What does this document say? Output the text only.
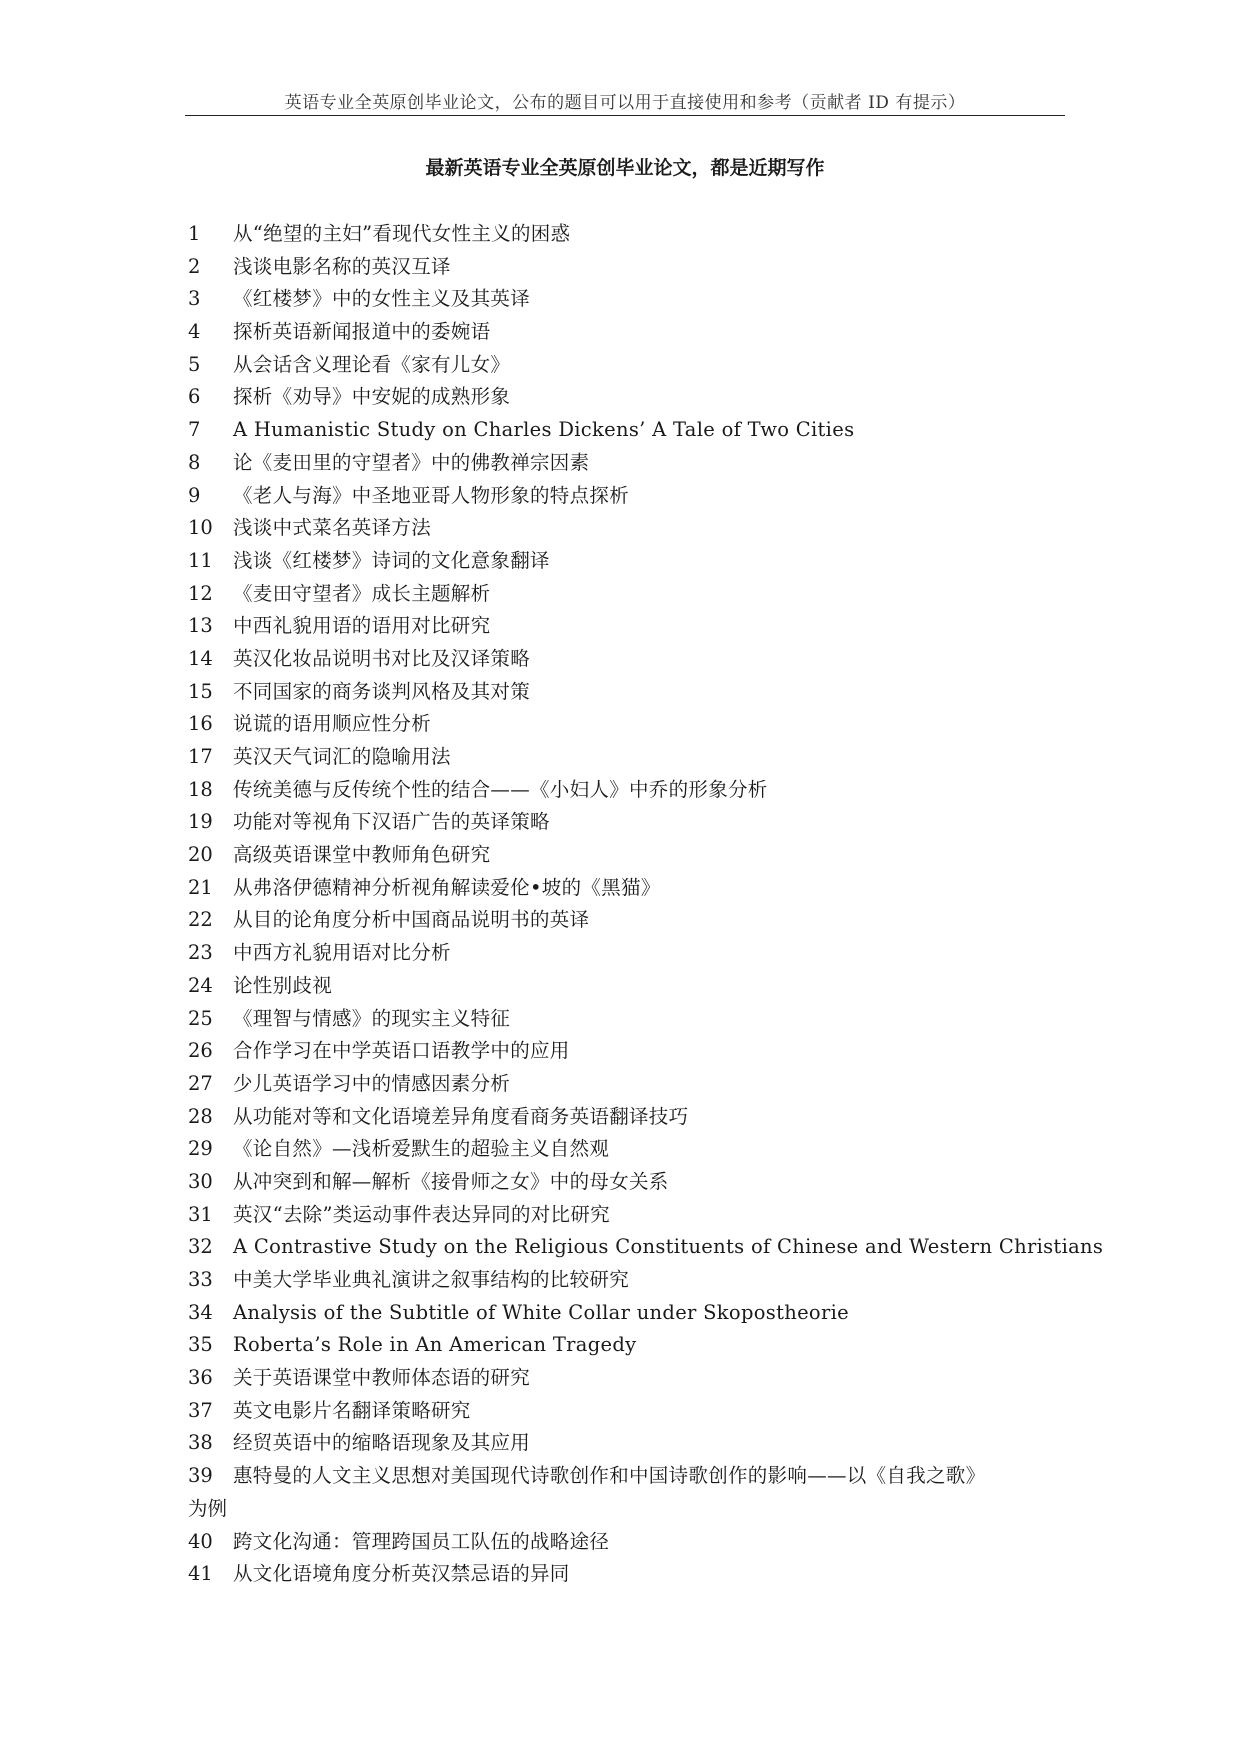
英语专业全英原创毕业论文，公布的题目可以用于直接使用和参考（贡献者 ID 有提示）
最新英语专业全英原创毕业论文，都是近期写作
1	从“绝望的主妇”看现代女性主义的困惑
2	浅谈电影名称的英汉互译
3	《红楼梦》中的女性主义及其英译
4	探析英语新闻报道中的委婉语
5	从会话含义理论看《家有儿女》
6	探析《劝导》中安妮的成熟形象
7	A Humanistic Study on Charles Dickens’ A Tale of Two Cities
8	论《麦田里的守望者》中的佛教禅宗因素
9	《老人与海》中圣地亚哥人物形象的特点探析
10	浅谈中式菜名英译方法
11	浅谈《红楼梦》诗词的文化意象翻译
12	《麦田守望者》成长主题解析
13	中西礼貌用语的语用对比研究
14	英汉化妆品说明书对比及汉译策略
15	不同国家的商务谈判风格及其对策
16	说谎的语用顺应性分析
17	英汉天气词汇的隐喻用法
18	传统美德与反传统个性的结合——《小妇人》中乔的形象分析
19	功能对等视角下汉语广告的英译策略
20	高级英语课堂中教师角色研究
21	从弗洛伊德精神分析视角解读爱伦•坡的《黑猫》
22	从目的论角度分析中国商品说明书的英译
23	中西方礼貌用语对比分析
24	论性别歧视
25	《理智与情感》的现实主义特征
26	合作学习在中学英语口语教学中的应用
27	少儿英语学习中的情感因素分析
28	从功能对等和文化语境差异角度看商务英语翻译技巧
29	《论自然》—浅析爱默生的超验主义自然观
30	从冲突到和解—解析《接骨师之女》中的母女关系
31	英汉“去除”类运动事件表达异同的对比研究
32	A Contrastive Study on the Religious Constituents of Chinese and Western Christians
33	中美大学毕业典礼演讲之叙事结构的比较研究
34	Analysis of the Subtitle of White Collar under Skopostheorie
35	Roberta’s Role in An American Tragedy
36	关于英语课堂中教师体态语的研究
37	英文电影片名翻译策略研究
38	经贸英语中的缩略语现象及其应用
39	惠特曼的人文主义思想对美国现代诗歌创作和中国诗歌创作的影响——以《自我之歌》
为例
40	跨文化沟通：管理跨国员工队伍的战略途径
41	从文化语境角度分析英汉禁忌语的异同
